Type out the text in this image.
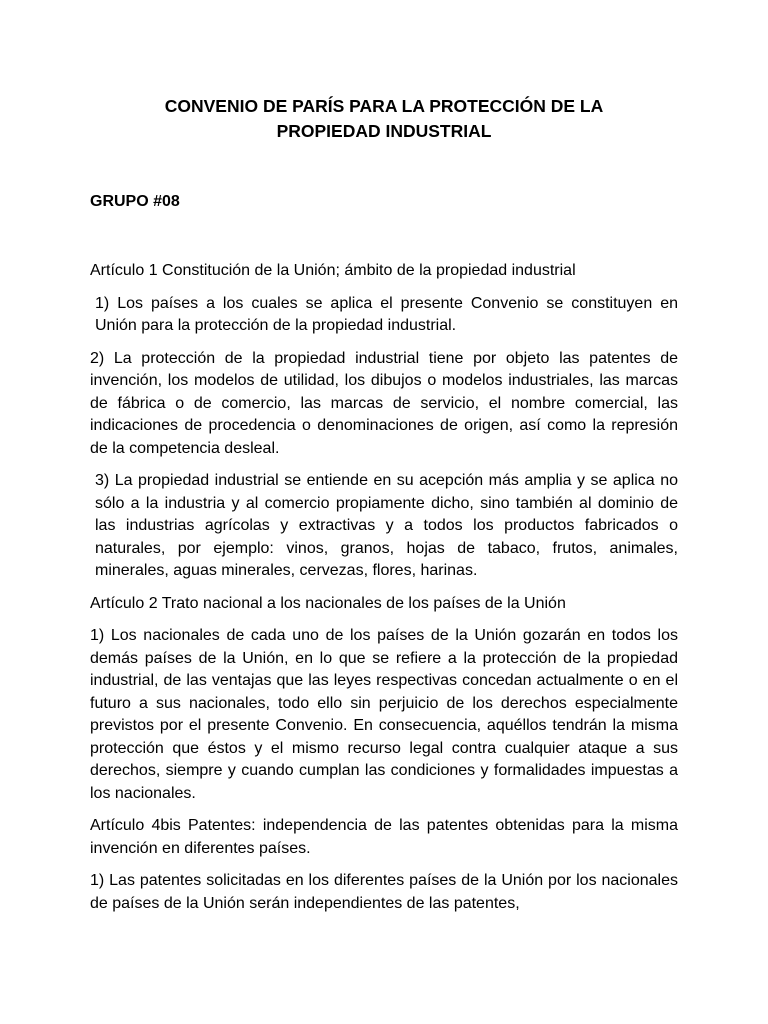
CONVENIO DE PARÍS PARA LA PROTECCIÓN DE LA
PROPIEDAD INDUSTRIAL
GRUPO #08
Artículo 1 Constitución de la Unión; ámbito de la propiedad industrial

1) Los países a los cuales se aplica el presente Convenio se constituyen en Unión para la protección de la propiedad industrial.

2) La protección de la propiedad industrial tiene por objeto las patentes de invención, los modelos de utilidad, los dibujos o modelos industriales, las marcas de fábrica o de comercio, las marcas de servicio, el nombre comercial, las indicaciones de procedencia o denominaciones de origen, así como la represión de la competencia desleal.

3) La propiedad industrial se entiende en su acepción más amplia y se aplica no sólo a la industria y al comercio propiamente dicho, sino también al dominio de las industrias agrícolas y extractivas y a todos los productos fabricados o naturales, por ejemplo: vinos, granos, hojas de tabaco, frutos, animales, minerales, aguas minerales, cervezas, flores, harinas.

Artículo 2 Trato nacional a los nacionales de los países de la Unión

1) Los nacionales de cada uno de los países de la Unión gozarán en todos los demás países de la Unión, en lo que se refiere a la protección de la propiedad industrial, de las ventajas que las leyes respectivas concedan actualmente o en el futuro a sus nacionales, todo ello sin perjuicio de los derechos especialmente previstos por el presente Convenio. En consecuencia, aquéllos tendrán la misma protección que éstos y el mismo recurso legal contra cualquier ataque a sus derechos, siempre y cuando cumplan las condiciones y formalidades impuestas a los nacionales.

Artículo 4bis Patentes: independencia de las patentes obtenidas para la misma invención en diferentes países.

1) Las patentes solicitadas en los diferentes países de la Unión por los nacionales de países de la Unión serán independientes de las patentes,
